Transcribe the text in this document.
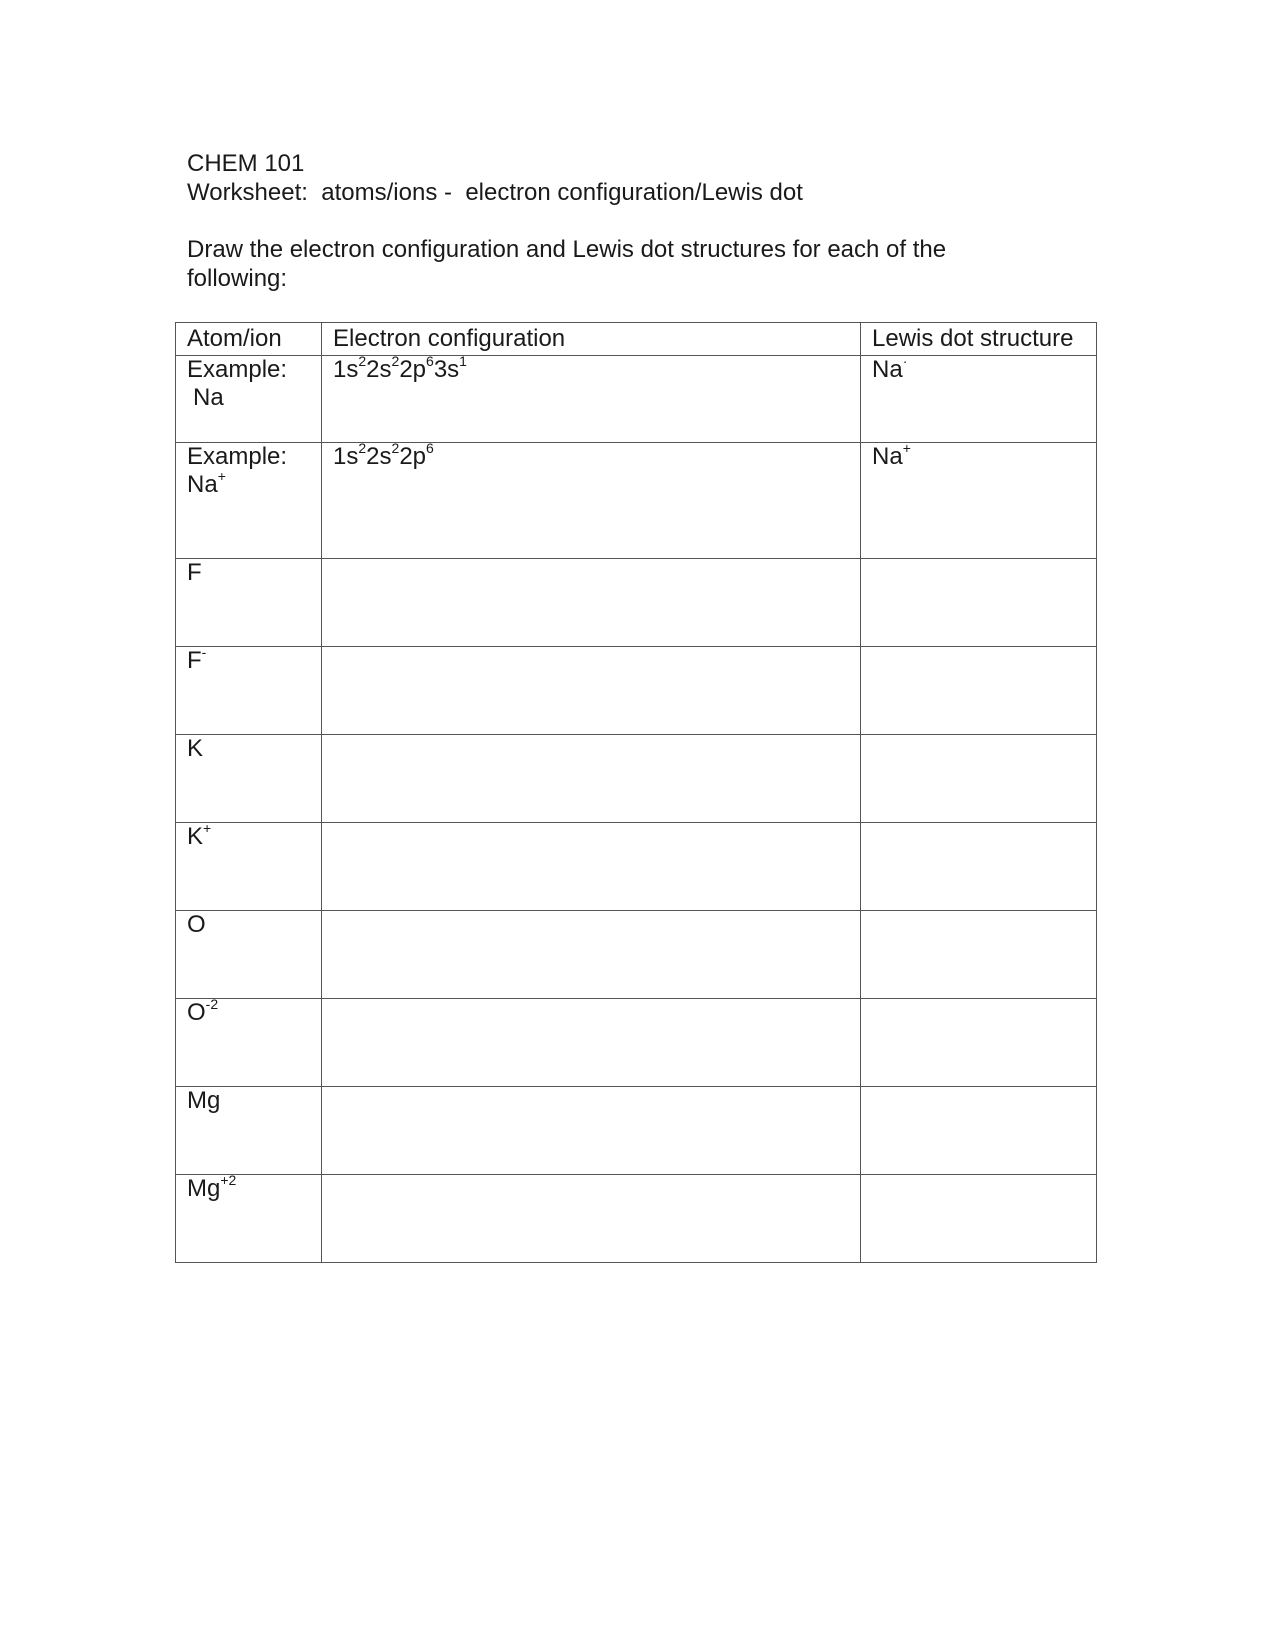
CHEM 101
Worksheet:  atoms/ions -  electron configuration/Lewis dot
Draw the electron configuration and Lewis dot structures for each of the
following:
Atom/ion	Electron configuration	Lewis dot structure

Example:
Na	$1s^22s^22p^63s^1$	Na·

Example:
Na+	$1s^22s^22p^6$	Na+
F		
F-		
K		
K+		
O		
$O^{-2}$		
Mg		
$Mg^{+2}$		
